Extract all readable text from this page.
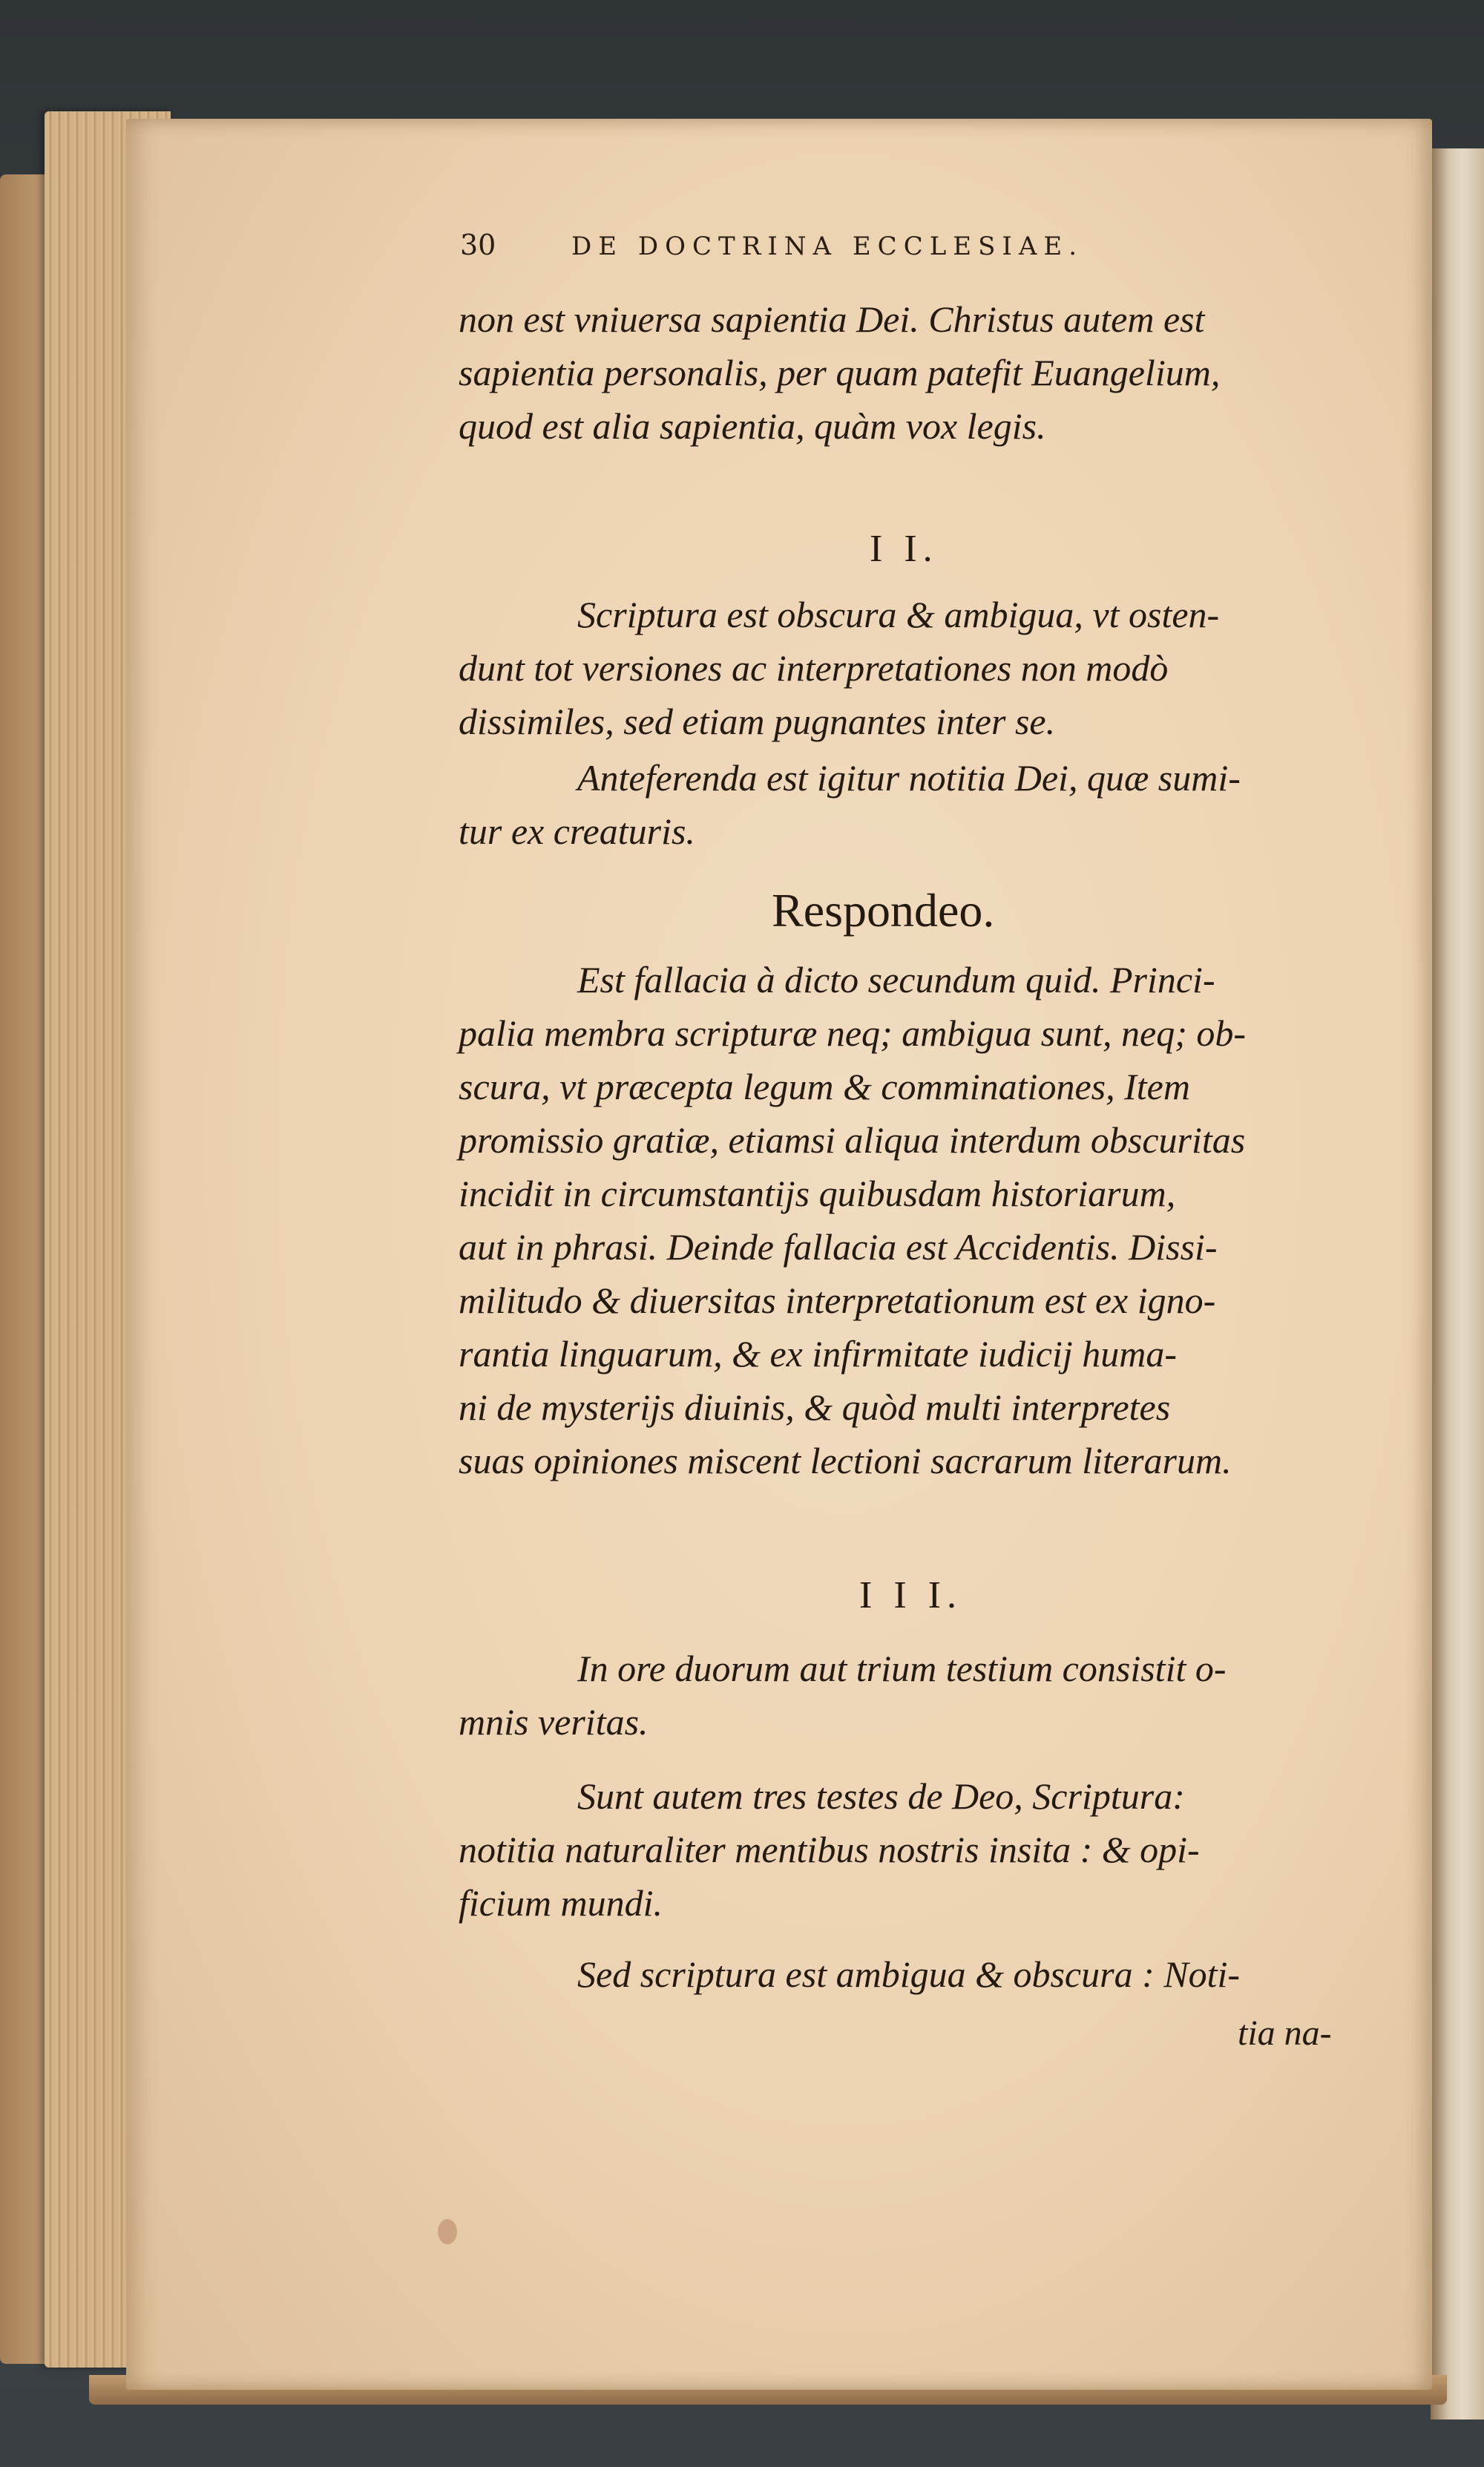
30	DE DOCTRINA ECCLESIAE.
non est vniuersa sapientia Dei. Christus autem est
sapientia personalis, per quam patefit Euangelium,
quod est alia sapientia, quàm vox legis.
I I.
Scriptura est obscura & ambigua, vt osten-
dunt tot versiones ac interpretationes non modò
dissimiles, sed etiam pugnantes inter se.
Anteferenda est igitur notitia Dei, quæ sumi-
tur ex creaturis.
Respondeo.
Est fallacia à dicto secundum quid. Princi-
palia membra scripturæ neq; ambigua sunt, neq; ob-
scura, vt præcepta legum & comminationes, Item
promissio gratiæ, etiamsi aliqua interdum obscuritas
incidit in circumstantijs quibusdam historiarum,
aut in phrasi. Deinde fallacia est Accidentis. Dissi-
militudo & diuersitas interpretationum est ex igno-
rantia linguarum, & ex infirmitate iudicij huma-
ni de mysterijs diuinis, & quòd multi interpretes
suas opiniones miscent lectioni sacrarum literarum.
I I I.
In ore duorum aut trium testium consistit o-
mnis veritas.
Sunt autem tres testes de Deo, Scriptura:
notitia naturaliter mentibus nostris insita : & opi-
ficium mundi.
Sed scriptura est ambigua & obscura : Noti-
tia na-
